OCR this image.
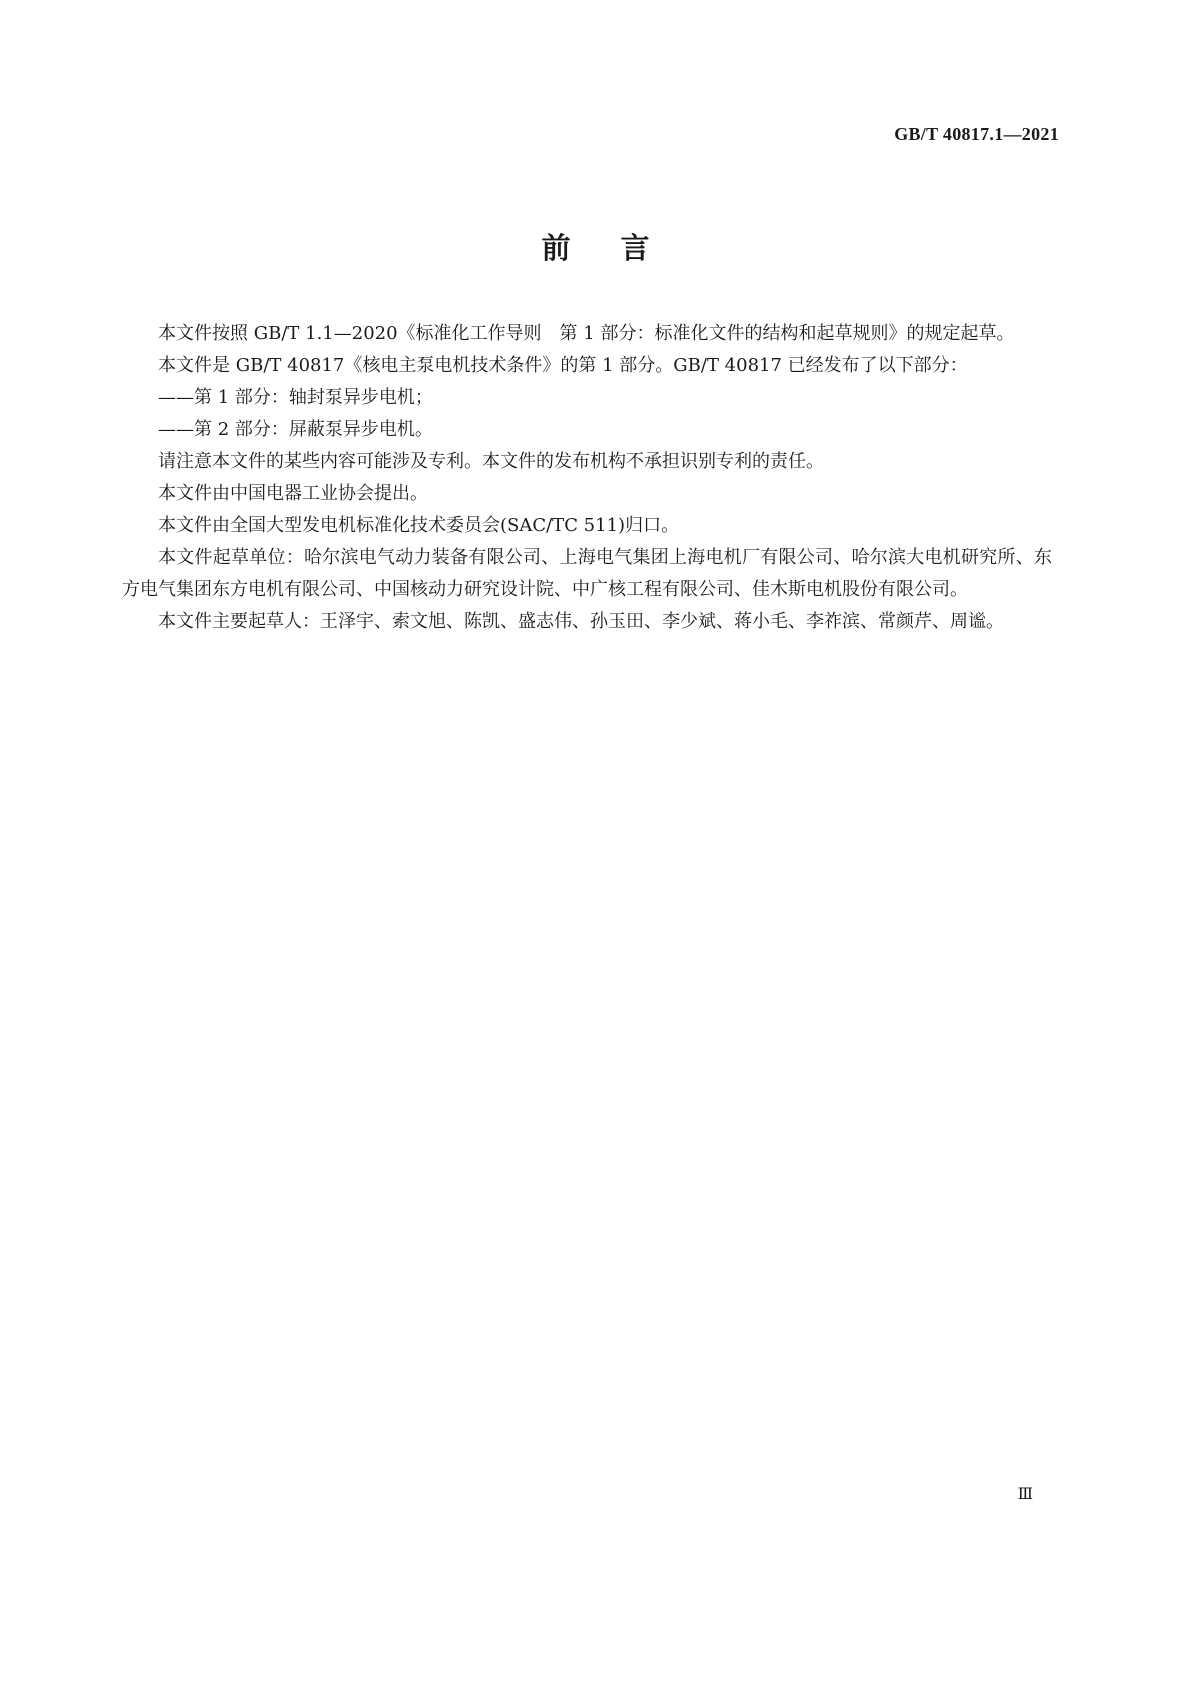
GB/T 40817.1—2021
前言

本文件按照 GB/T 1.1—2020《标准化工作导则　第 1 部分：标准化文件的结构和起草规则》的规定起草。

本文件是 GB/T 40817《核电主泵电机技术条件》的第 1 部分。GB/T 40817 已经发布了以下部分：

——第 1 部分：轴封泵异步电机；

——第 2 部分：屏蔽泵异步电机。

请注意本文件的某些内容可能涉及专利。本文件的发布机构不承担识别专利的责任。

本文件由中国电器工业协会提出。

本文件由全国大型发电机标准化技术委员会(SAC/TC 511)归口。

本文件起草单位：哈尔滨电气动力装备有限公司、上海电气集团上海电机厂有限公司、哈尔滨大电机研究所、东方电气集团东方电机有限公司、中国核动力研究设计院、中广核工程有限公司、佳木斯电机股份有限公司。

本文件主要起草人：王泽宇、索文旭、陈凯、盛志伟、孙玉田、李少斌、蒋小毛、李祚滨、常颜芹、周谧。

Ⅲ
